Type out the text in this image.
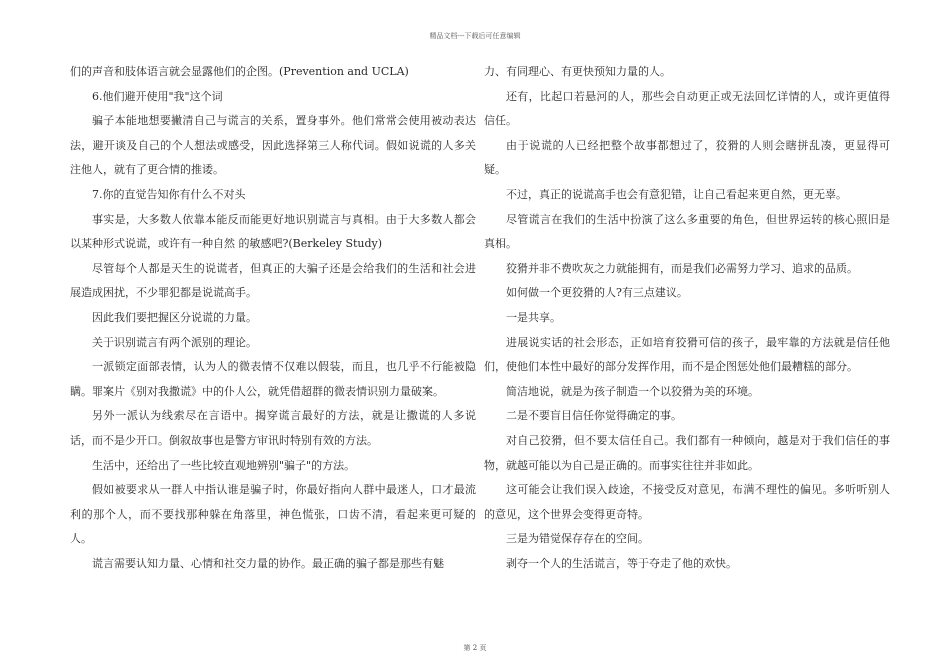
精品文档---下载后可任意编辑

们的声音和肢体语言就会显露他们的企图。(Prevention and UCLA)

6.他们避开使用"我"这个词

骗子本能地想要撇清自己与谎言的关系，置身事外。他们常常会使用被动表达法，避开谈及自己的个人想法或感受，因此选择第三人称代词。假如说谎的人多关注他人，就有了更合情的推诿。

7.你的直觉告知你有什么不对头

事实是，大多数人依靠本能反而能更好地识别谎言与真相。由于大多数人都会以某种形式说谎，或许有一种自然 的敏感吧?(Berkeley Study)

尽管每个人都是天生的说谎者，但真正的大骗子还是会给我们的生活和社会进展造成困扰，不少罪犯都是说谎高手。

因此我们要把握区分说谎的力量。

关于识别谎言有两个派别的理论。

一派锁定面部表情，认为人的微表情不仅难以假装，而且，也几乎不行能被隐瞒。罪案片《别对我撒谎》中的仆人公，就凭借超群的微表情识别力量破案。

另外一派认为线索尽在言语中。揭穿谎言最好的方法，就是让撒谎的人多说话，而不是少开口。倒叙故事也是警方审讯时特别有效的方法。

生活中，还给出了一些比较直观地辨别"骗子"的方法。

假如被要求从一群人中指认谁是骗子时，你最好指向人群中最迷人，口才最流利的那个人，而不要找那种躲在角落里，神色慌张，口齿不清，看起来更可疑的人。

谎言需要认知力量、心情和社交力量的协作。最正确的骗子都是那些有魅

力、有同理心、有更快预知力量的人。

还有，比起口若悬河的人，那些会自动更正或无法回忆详情的人，或许更值得信任。

由于说谎的人已经把整个故事都想过了，狡猾的人则会瞎拼乱凑，更显得可疑。

不过，真正的说谎高手也会有意犯错，让自己看起来更自然，更无辜。

尽管谎言在我们的生活中扮演了这么多重要的角色，但世界运转的核心照旧是真相。

狡猾并非不费吹灰之力就能拥有，而是我们必需努力学习、追求的品质。

如何做一个更狡猾的人?有三点建议。

一是共享。

进展说实话的社会形态，正如培育狡猾可信的孩子，最牢靠的方法就是信任他们，使他们本性中最好的部分发挥作用，而不是企图惩处他们最糟糕的部分。

简洁地说，就是为孩子制造一个以狡猾为美的环境。

二是不要盲目信任你觉得确定的事。

对自己狡猾，但不要太信任自己。我们都有一种倾向，越是对于我们信任的事物，就越可能以为自己是正确的。而事实往往并非如此。

这可能会让我们误入歧途，不接受反对意见，布满不理性的偏见。多听听别人的意见，这个世界会变得更奇特。

三是为错觉保存存在的空间。

剥夺一个人的生活谎言，等于夺走了他的欢快。

第 2 页
